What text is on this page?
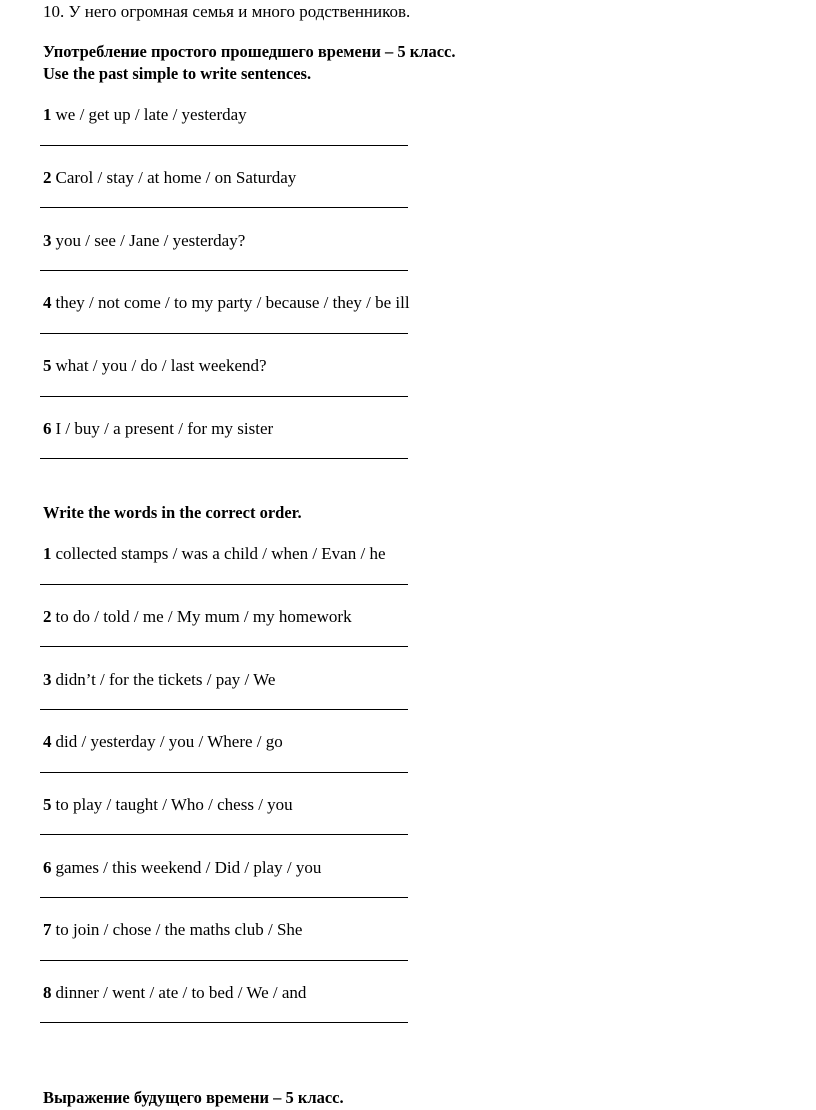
10. У него огромная семья и много родственников.
Употребление простого прошедшего времени – 5 класс.
Use the past simple to write sentences.
1 we / get up / late / yesterday
2 Carol / stay / at home / on Saturday
3 you / see / Jane / yesterday?
4 they / not come / to my party / because / they / be ill
5 what / you / do / last weekend?
6 I / buy / a present / for my sister
Write the words in the correct order.
1 collected stamps / was a child / when / Evan / he
2 to do / told / me / My mum / my homework
3 didn’t / for the tickets / pay / We
4 did / yesterday / you / Where / go
5 to play / taught / Who / chess / you
6 games / this weekend / Did / play / you
7 to join / chose / the maths club / She
8 dinner / went / ate / to bed / We / and
Выражение будущего времени – 5 класс.
